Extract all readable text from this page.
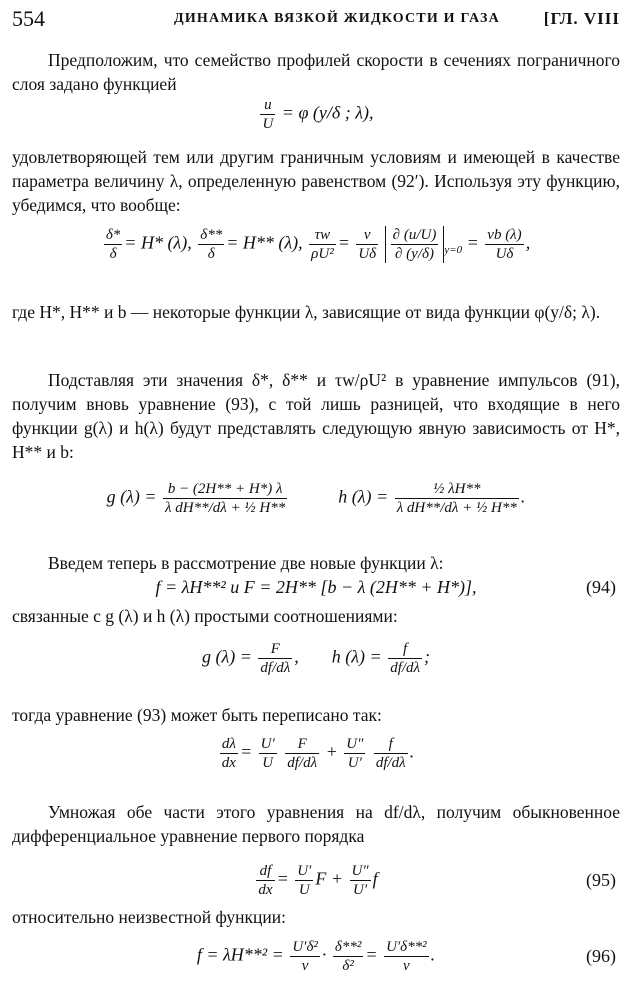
554	ДИНАМИКА ВЯЗКОЙ ЖИДКОСТИ И ГАЗА	[ГЛ. VIII
Предположим, что семейство профилей скорости в сечениях пограничного слоя задано функцией
$\frac{u}{U} = \varphi$ (y/δ ; λ),
удовлетворяющей тем или другим граничным условиям и имеющей в качестве параметра величину λ, определенную равенством (92′). Используя эту функцию, убедимся, что вообще:
$\frac{\delta*}{\delta} = H*$ (λ), $\frac{\delta**}{\delta} = H**$ (λ), $\frac{\tau w}{\text{ρU²}} = \frac{\nu}{U\delta}$
$\frac{\partial (u/U)}{\partial (y/\delta)} _{y=0} = \frac{\nu b (\lambda)}{U\delta}$ ,
где H*, H** и b — некоторые функции λ, зависящие от вида функции φ(y/δ; λ).
Подставляя эти значения δ*, δ** и τw/ρU² в уравнение импульсов (91), получим вновь уравнение (93), с той лишь разницей, что входящие в него функции g(λ) и h(λ) будут представлять следующую явную зависимость от H*, H** и b:
g $(\lambda) = \frac{b - (2H** + H*) \lambda}{\text{λ dH**/dλ + ½ H**}}$	h $(\lambda) = \frac{\text{½ λH**}}{\text{λ dH**/dλ + ½ H**}}$ .
Введем теперь в рассмотрение две новые функции λ:
f = λH**² и F = 2H** [b − λ (2H** + H*)],	(94)
связанные с g (λ) и h (λ) простыми соотношениями:
g $(\lambda) = \frac{F}{df/d\lambda}$ , h $(\lambda) = \frac{f}{df/d\lambda}$ ;
тогда уравнение (93) может быть переписано так:
$\frac{d\lambda}{dx} = \frac{U'}{U}$
$\frac{F}{df/d\lambda} + \frac{U''}{U'}$
$\frac{f}{df/d\lambda}$ .
Умножая обе части этого уравнения на df/dλ, получим обыкновенное дифференциальное уравнение первого порядка
$\frac{df}{dx} = \frac{U'}{U}$ $F + \frac{U''}{U'}$ f	(95)
относительно неизвестной функции:
$f = \lambda H**^2 = \frac{\text{U′δ²}}{\nu} \cdot \frac{\text{δ**²}}{\text{δ²}} = \frac{\text{U′δ**²}}{\nu}$ .	(96)
